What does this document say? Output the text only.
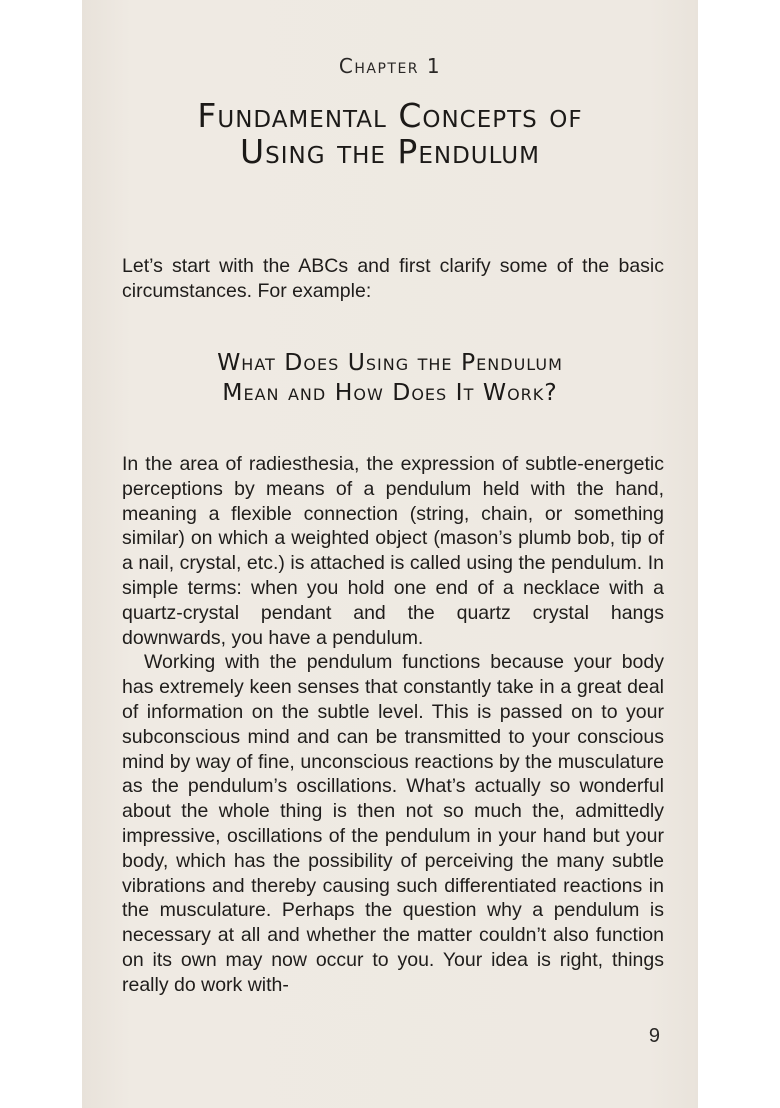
Chapter 1
Fundamental Concepts of
Using the Pendulum

Let’s start with the ABCs and first clarify some of the basic circumstances. For example:

What Does Using the Pendulum
Mean and How Does It Work?

In the area of radiesthesia, the expression of subtle-energetic perceptions by means of a pendulum held with the hand, meaning a flexible connection (string, chain, or something similar) on which a weighted object (mason’s plumb bob, tip of a nail, crystal, etc.) is attached is called using the pendulum. In simple terms: when you hold one end of a necklace with a quartz-crystal pendant and the quartz crystal hangs downwards, you have a pendulum.

Working with the pendulum functions because your body has extremely keen senses that constantly take in a great deal of information on the subtle level. This is passed on to your subconscious mind and can be transmitted to your conscious mind by way of fine, unconscious reactions by the musculature as the pendulum’s oscillations. What’s actually so wonderful about the whole thing is then not so much the, admittedly impressive, oscillations of the pendulum in your hand but your body, which has the possibility of perceiving the many subtle vibrations and thereby causing such differentiated reactions in the musculature. Perhaps the question why a pendulum is necessary at all and whether the matter couldn’t also function on its own may now occur to you. Your idea is right, things really do work with-

9
